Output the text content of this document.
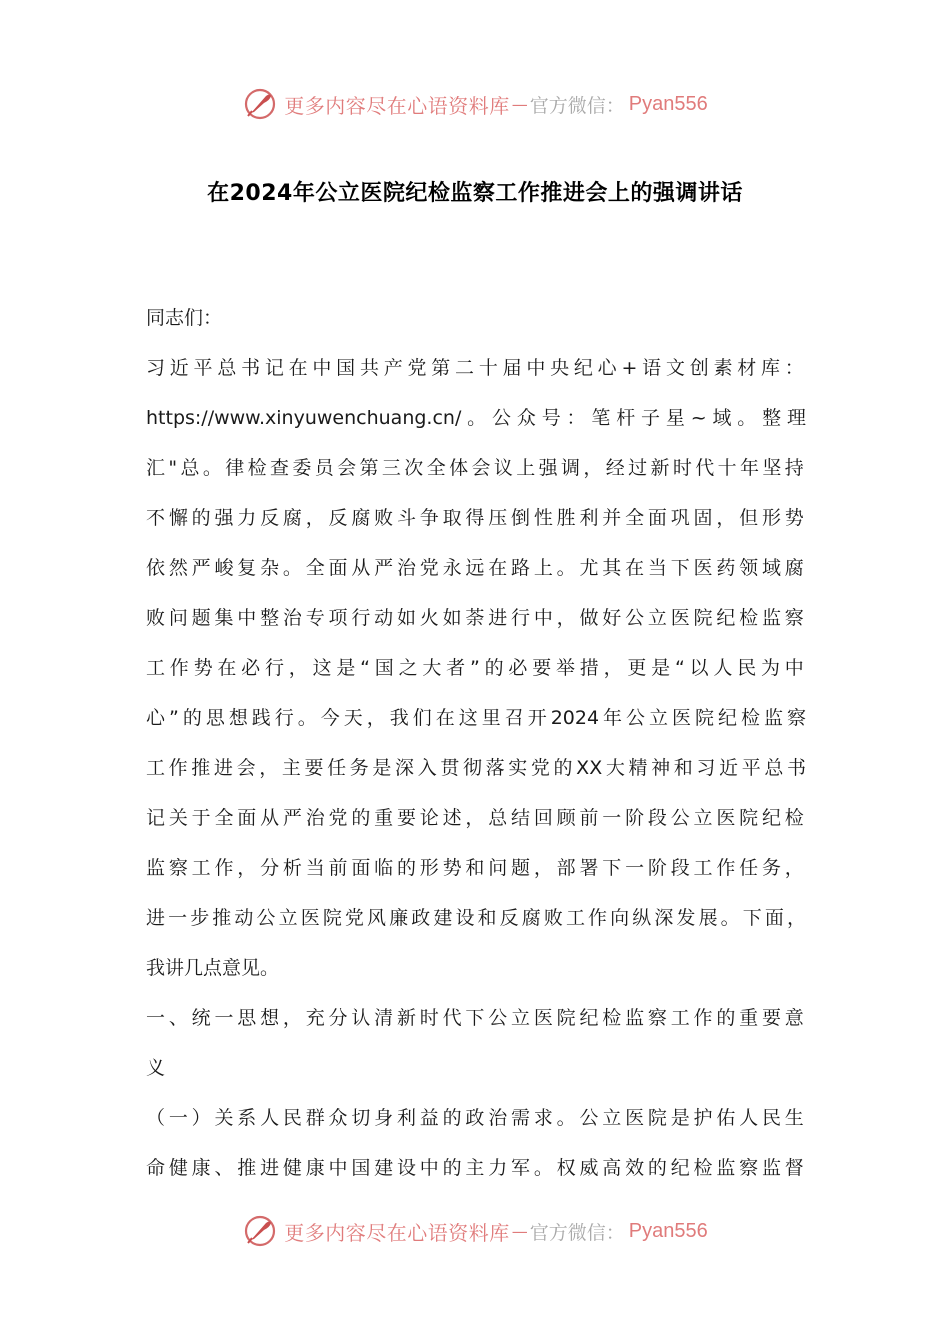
更多内容尽在心语资料库 — 官方微信： Pyan556
在2024年公立医院纪检监察工作推进会上的强调讲话
同志们：
习近平总书记在中国共产党第二十届中央纪心+语文创素材库：
https://www.xinyuwenchuang.cn/。公众号：笔杆子星~域。整理
汇"总。律检查委员会第三次全体会议上强调，经过新时代十年坚持
不懈的强力反腐，反腐败斗争取得压倒性胜利并全面巩固，但形势
依然严峻复杂。全面从严治党永远在路上。尤其在当下医药领域腐
败问题集中整治专项行动如火如荼进行中，做好公立医院纪检监察
工作势在必行，这是“国之大者”的必要举措，更是“以人民为中
心”的思想践行。今天，我们在这里召开2024年公立医院纪检监察
工作推进会，主要任务是深入贯彻落实党的XX大精神和习近平总书
记关于全面从严治党的重要论述，总结回顾前一阶段公立医院纪检
监察工作，分析当前面临的形势和问题，部署下一阶段工作任务，
进一步推动公立医院党风廉政建设和反腐败工作向纵深发展。下面，
我讲几点意见。
一、统一思想，充分认清新时代下公立医院纪检监察工作的重要意
义
（一）关系人民群众切身利益的政治需求。公立医院是护佑人民生
命健康、推进健康中国建设中的主力军。权威高效的纪检监察监督
更多内容尽在心语资料库 — 官方微信： Pyan556
